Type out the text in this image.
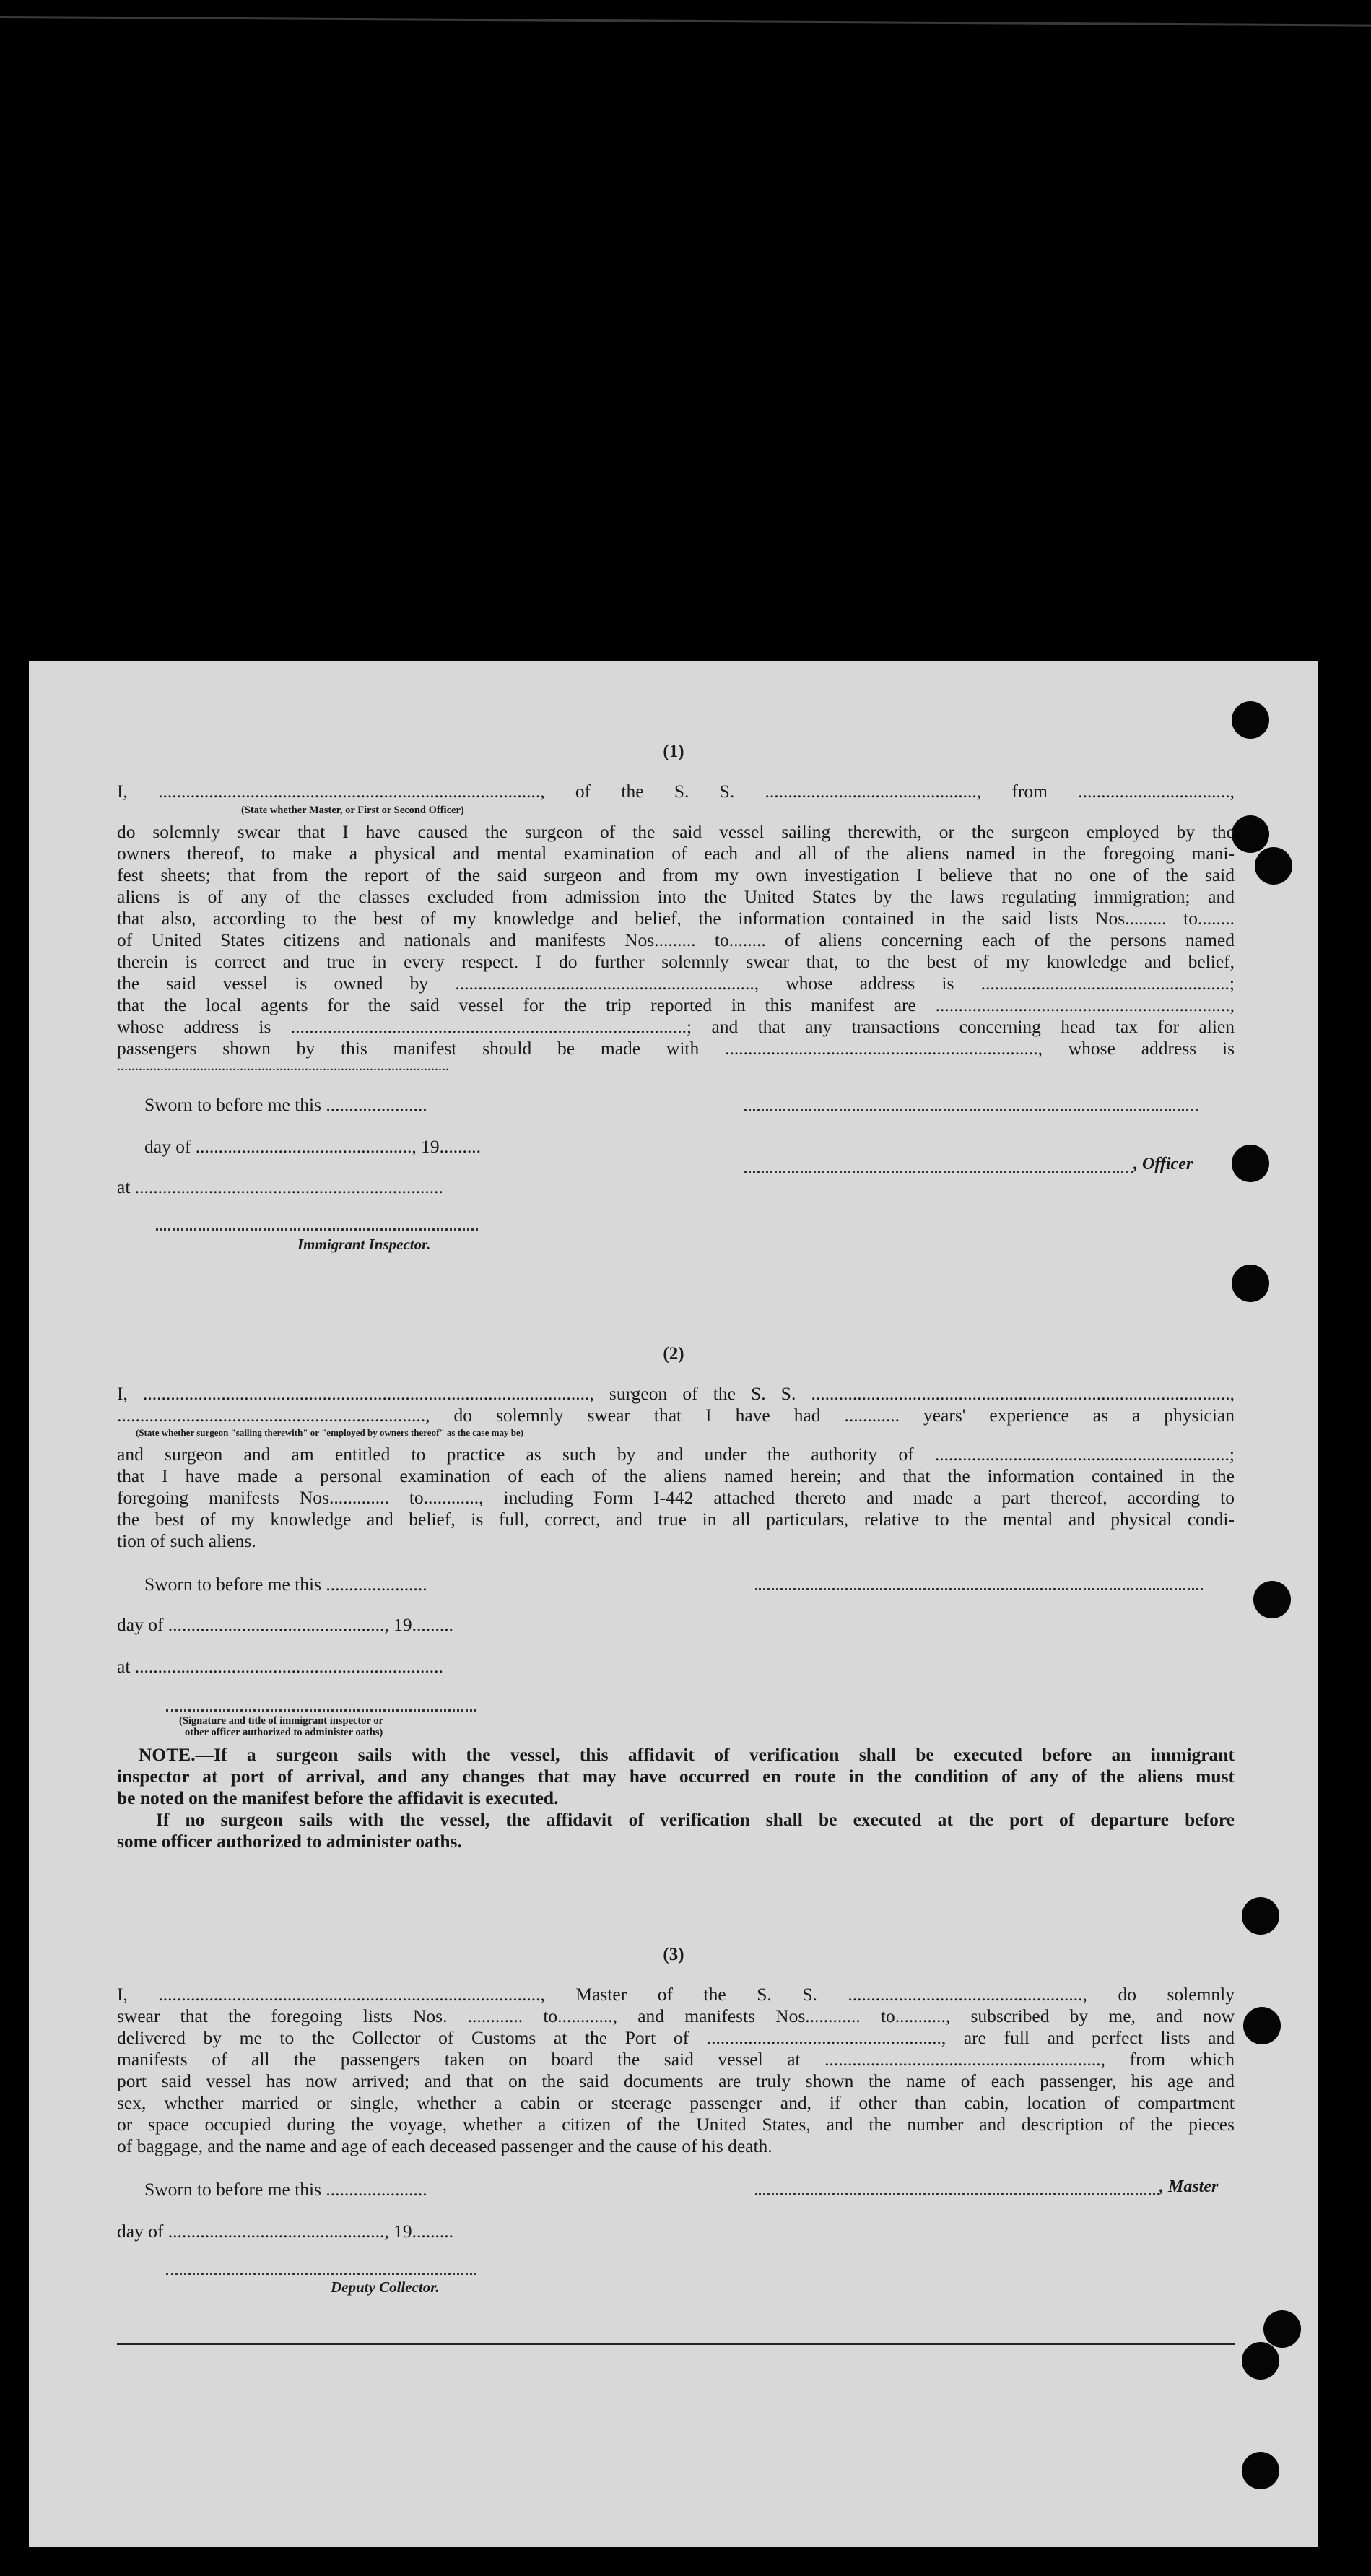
(1)
I, ..................................................................................., of the S. S. .............................................., from .................................,
(State whether Master, or First or Second Officer)
do solemnly swear that I have caused the surgeon of the said vessel sailing therewith, or the surgeon employed by the
owners thereof, to make a physical and mental examination of each and all of the aliens named in the foregoing mani-
fest sheets; that from the report of the said surgeon and from my own investigation I believe that no one of the said
aliens is of any of the classes excluded from admission into the United States by the laws regulating immigration; and
that also, according to the best of my knowledge and belief, the information contained in the said lists Nos......... to........
of United States citizens and nationals and manifests Nos......... to........ of aliens concerning each of the persons named
therein is correct and true in every respect. I do further solemnly swear that, to the best of my knowledge and belief,
the said vessel is owned by ................................................................., whose address is ......................................................;
that the local agents for the said vessel for the trip reported in this manifest are ................................................................,
whose address is ......................................................................................; and that any transactions concerning head tax for alien
passengers shown by this manifest should be made with ...................................................................., whose address is
............................................................................................
Sworn to before me this ......................
day of ..............................................., 19.........
at ...................................................................
, Officer
Immigrant Inspector.
(2)
I, ................................................................................................., surgeon of the S. S. ...........................................................................................,
..................................................................., do solemnly swear that I have had ............ years' experience as a physician
(State whether surgeon "sailing therewith" or "employed by owners thereof" as the case may be)
and surgeon and am entitled to practice as such by and under the authority of ................................................................;
that I have made a personal examination of each of the aliens named herein; and that the information contained in the
foregoing manifests Nos............. to............, including Form I-442 attached thereto and made a part thereof, according to
the best of my knowledge and belief, is full, correct, and true in all particulars, relative to the mental and physical condi-
tion of such aliens.
Sworn to before me this ......................
day of ..............................................., 19.........
at ...................................................................
(Signature and title of immigrant inspector or
other officer authorized to administer oaths)
NOTE.—If a surgeon sails with the vessel, this affidavit of verification shall be executed before an immigrant
inspector at port of arrival, and any changes that may have occurred en route in the condition of any of the aliens must
be noted on the manifest before the affidavit is executed.
If no surgeon sails with the vessel, the affidavit of verification shall be executed at the port of departure before
some officer authorized to administer oaths.
(3)
I, ..................................................................................., Master of the S. S. ..................................................., do solemnly
swear that the foregoing lists Nos. ............ to............, and manifests Nos............ to..........., subscribed by me, and now
delivered by me to the Collector of Customs at the Port of ..................................................., are full and perfect lists and
manifests of all the passengers taken on board the said vessel at ............................................................, from which
port said vessel has now arrived; and that on the said documents are truly shown the name of each passenger, his age and
sex, whether married or single, whether a cabin or steerage passenger and, if other than cabin, location of compartment
or space occupied during the voyage, whether a citizen of the United States, and the number and description of the pieces
of baggage, and the name and age of each deceased passenger and the cause of his death.
Sworn to before me this ......................	, Master
day of ..............................................., 19.........
Deputy Collector.
